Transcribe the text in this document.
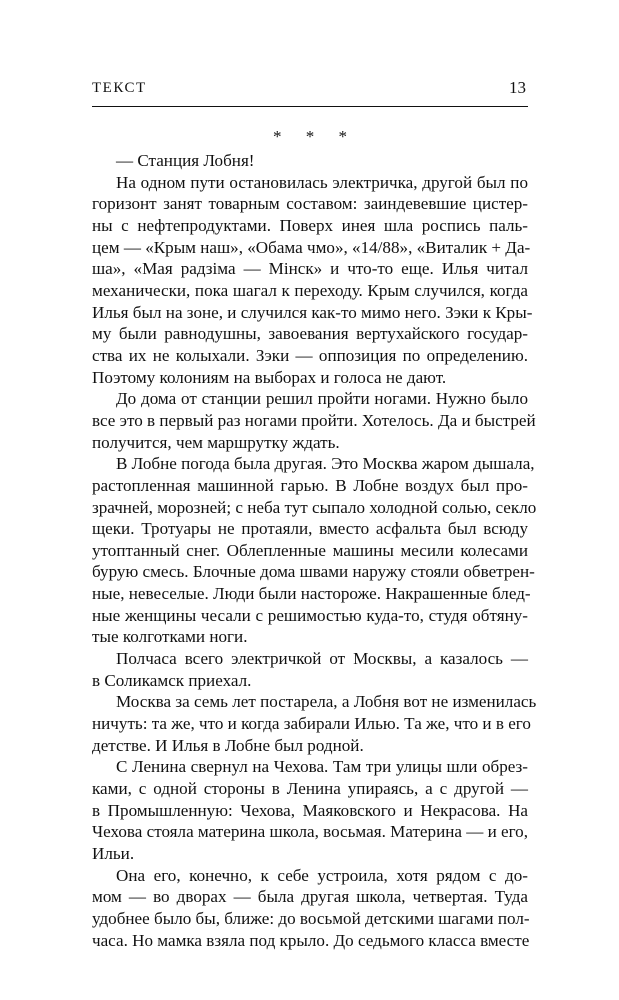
ТЕКСТ	13
* * *

— Станция Лобня!

На одном пути остановилась электричка, другой был по
горизонт занят товарным составом: заиндевевшие цистер-
ны с нефтепродуктами. Поверх инея шла роспись паль-
цем — «Крым наш», «Обама чмо», «14/88», «Виталик + Да-
ша», «Мая радзіма — Мінск» и что-то еще. Илья читал
механически, пока шагал к переходу. Крым случился, когда
Илья был на зоне, и случился как-то мимо него. Зэки к Кры-
му были равнодушны, завоевания вертухайского государ-
ства их не колыхали. Зэки — оппозиция по определению.
Поэтому колониям на выборах и голоса не дают.

До дома от станции решил пройти ногами. Нужно было
все это в первый раз ногами пройти. Хотелось. Да и быстрей
получится, чем маршрутку ждать.

В Лобне погода была другая. Это Москва жаром дышала,
растопленная машинной гарью. В Лобне воздух был про-
зрачней, морозней; с неба тут сыпало холодной солью, секло
щеки. Тротуары не протаяли, вместо асфальта был всюду
утоптанный снег. Облепленные машины месили колесами
бурую смесь. Блочные дома швами наружу стояли обветрен-
ные, невеселые. Люди были настороже. Накрашенные блед-
ные женщины чесали с решимостью куда-то, студя обтяну-
тые колготками ноги.

Полчаса всего электричкой от Москвы, а казалось —
в Соликамск приехал.

Москва за семь лет постарела, а Лобня вот не изменилась
ничуть: та же, что и когда забирали Илью. Та же, что и в его
детстве. И Илья в Лобне был родной.

С Ленина свернул на Чехова. Там три улицы шли обрез-
ками, с одной стороны в Ленина упираясь, а с другой —
в Промышленную: Чехова, Маяковского и Некрасова. На
Чехова стояла материна школа, восьмая. Материна — и его,
Ильи.

Она его, конечно, к себе устроила, хотя рядом с до-
мом — во дворах — была другая школа, четвертая. Туда
удобнее было бы, ближе: до восьмой детскими шагами пол-
часа. Но мамка взяла под крыло. До седьмого класса вместе
